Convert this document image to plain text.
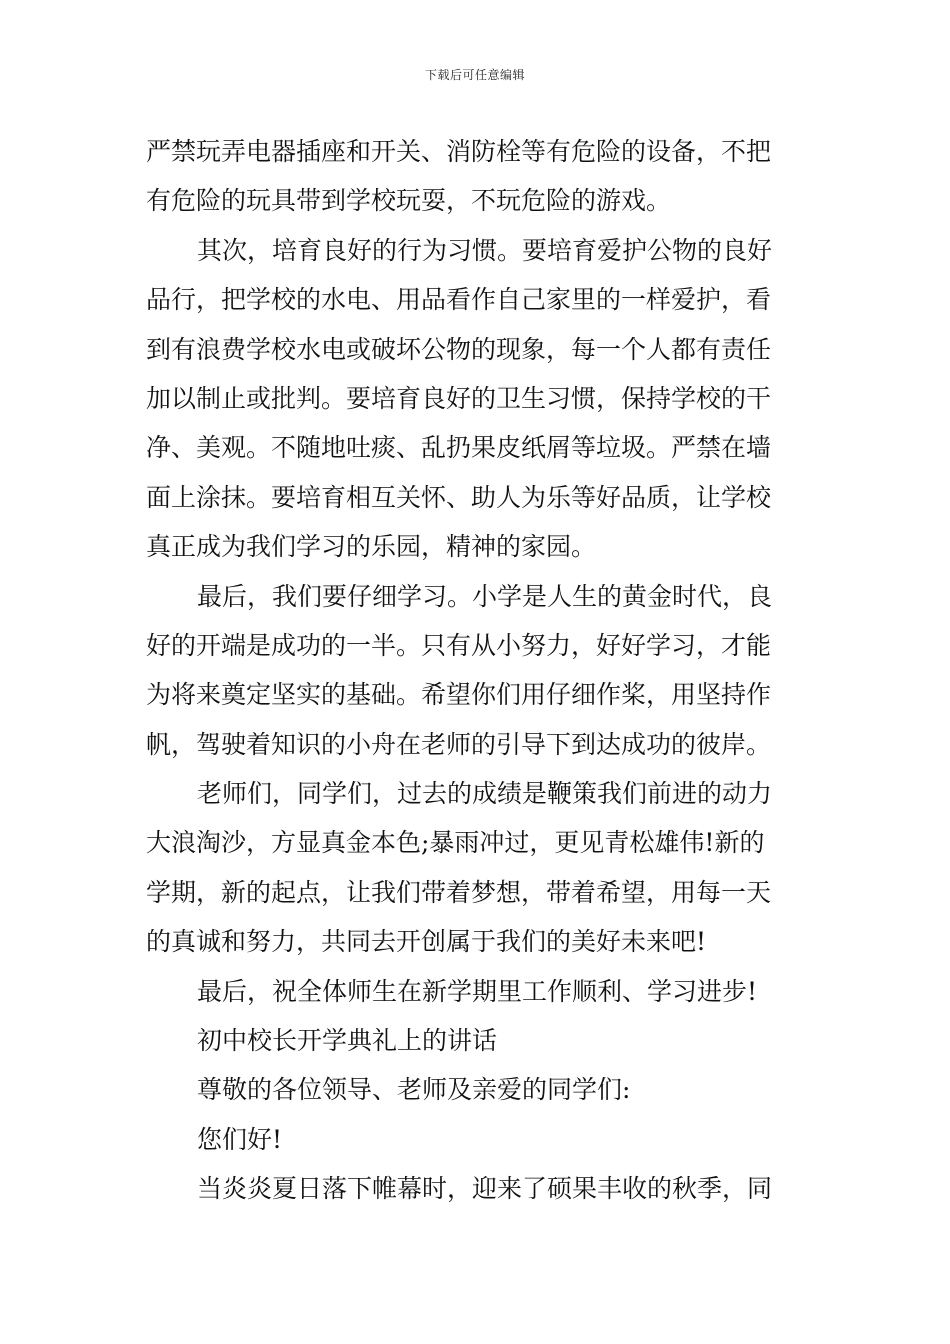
下载后可任意编辑
严禁玩弄电器插座和开关、消防栓等有危险的设备，不把
有危险的玩具带到学校玩耍，不玩危险的游戏。
其次，培育良好的行为习惯。要培育爱护公物的良好
品行，把学校的水电、用品看作自己家里的一样爱护，看
到有浪费学校水电或破坏公物的现象，每一个人都有责任
加以制止或批判。要培育良好的卫生习惯，保持学校的干
净、美观。不随地吐痰、乱扔果皮纸屑等垃圾。严禁在墙
面上涂抹。要培育相互关怀、助人为乐等好品质，让学校
真正成为我们学习的乐园，精神的家园。
最后，我们要仔细学习。小学是人生的黄金时代，良
好的开端是成功的一半。只有从小努力，好好学习，才能
为将来奠定坚实的基础。希望你们用仔细作桨，用坚持作
帆，驾驶着知识的小舟在老师的引导下到达成功的彼岸。
老师们，同学们，过去的成绩是鞭策我们前进的动力
大浪淘沙，方显真金本色;暴雨冲过，更见青松雄伟!新的
学期，新的起点，让我们带着梦想，带着希望，用每一天
的真诚和努力，共同去开创属于我们的美好未来吧!
最后，祝全体师生在新学期里工作顺利、学习进步!
初中校长开学典礼上的讲话
尊敬的各位领导、老师及亲爱的同学们:
您们好!
当炎炎夏日落下帷幕时，迎来了硕果丰收的秋季，同
